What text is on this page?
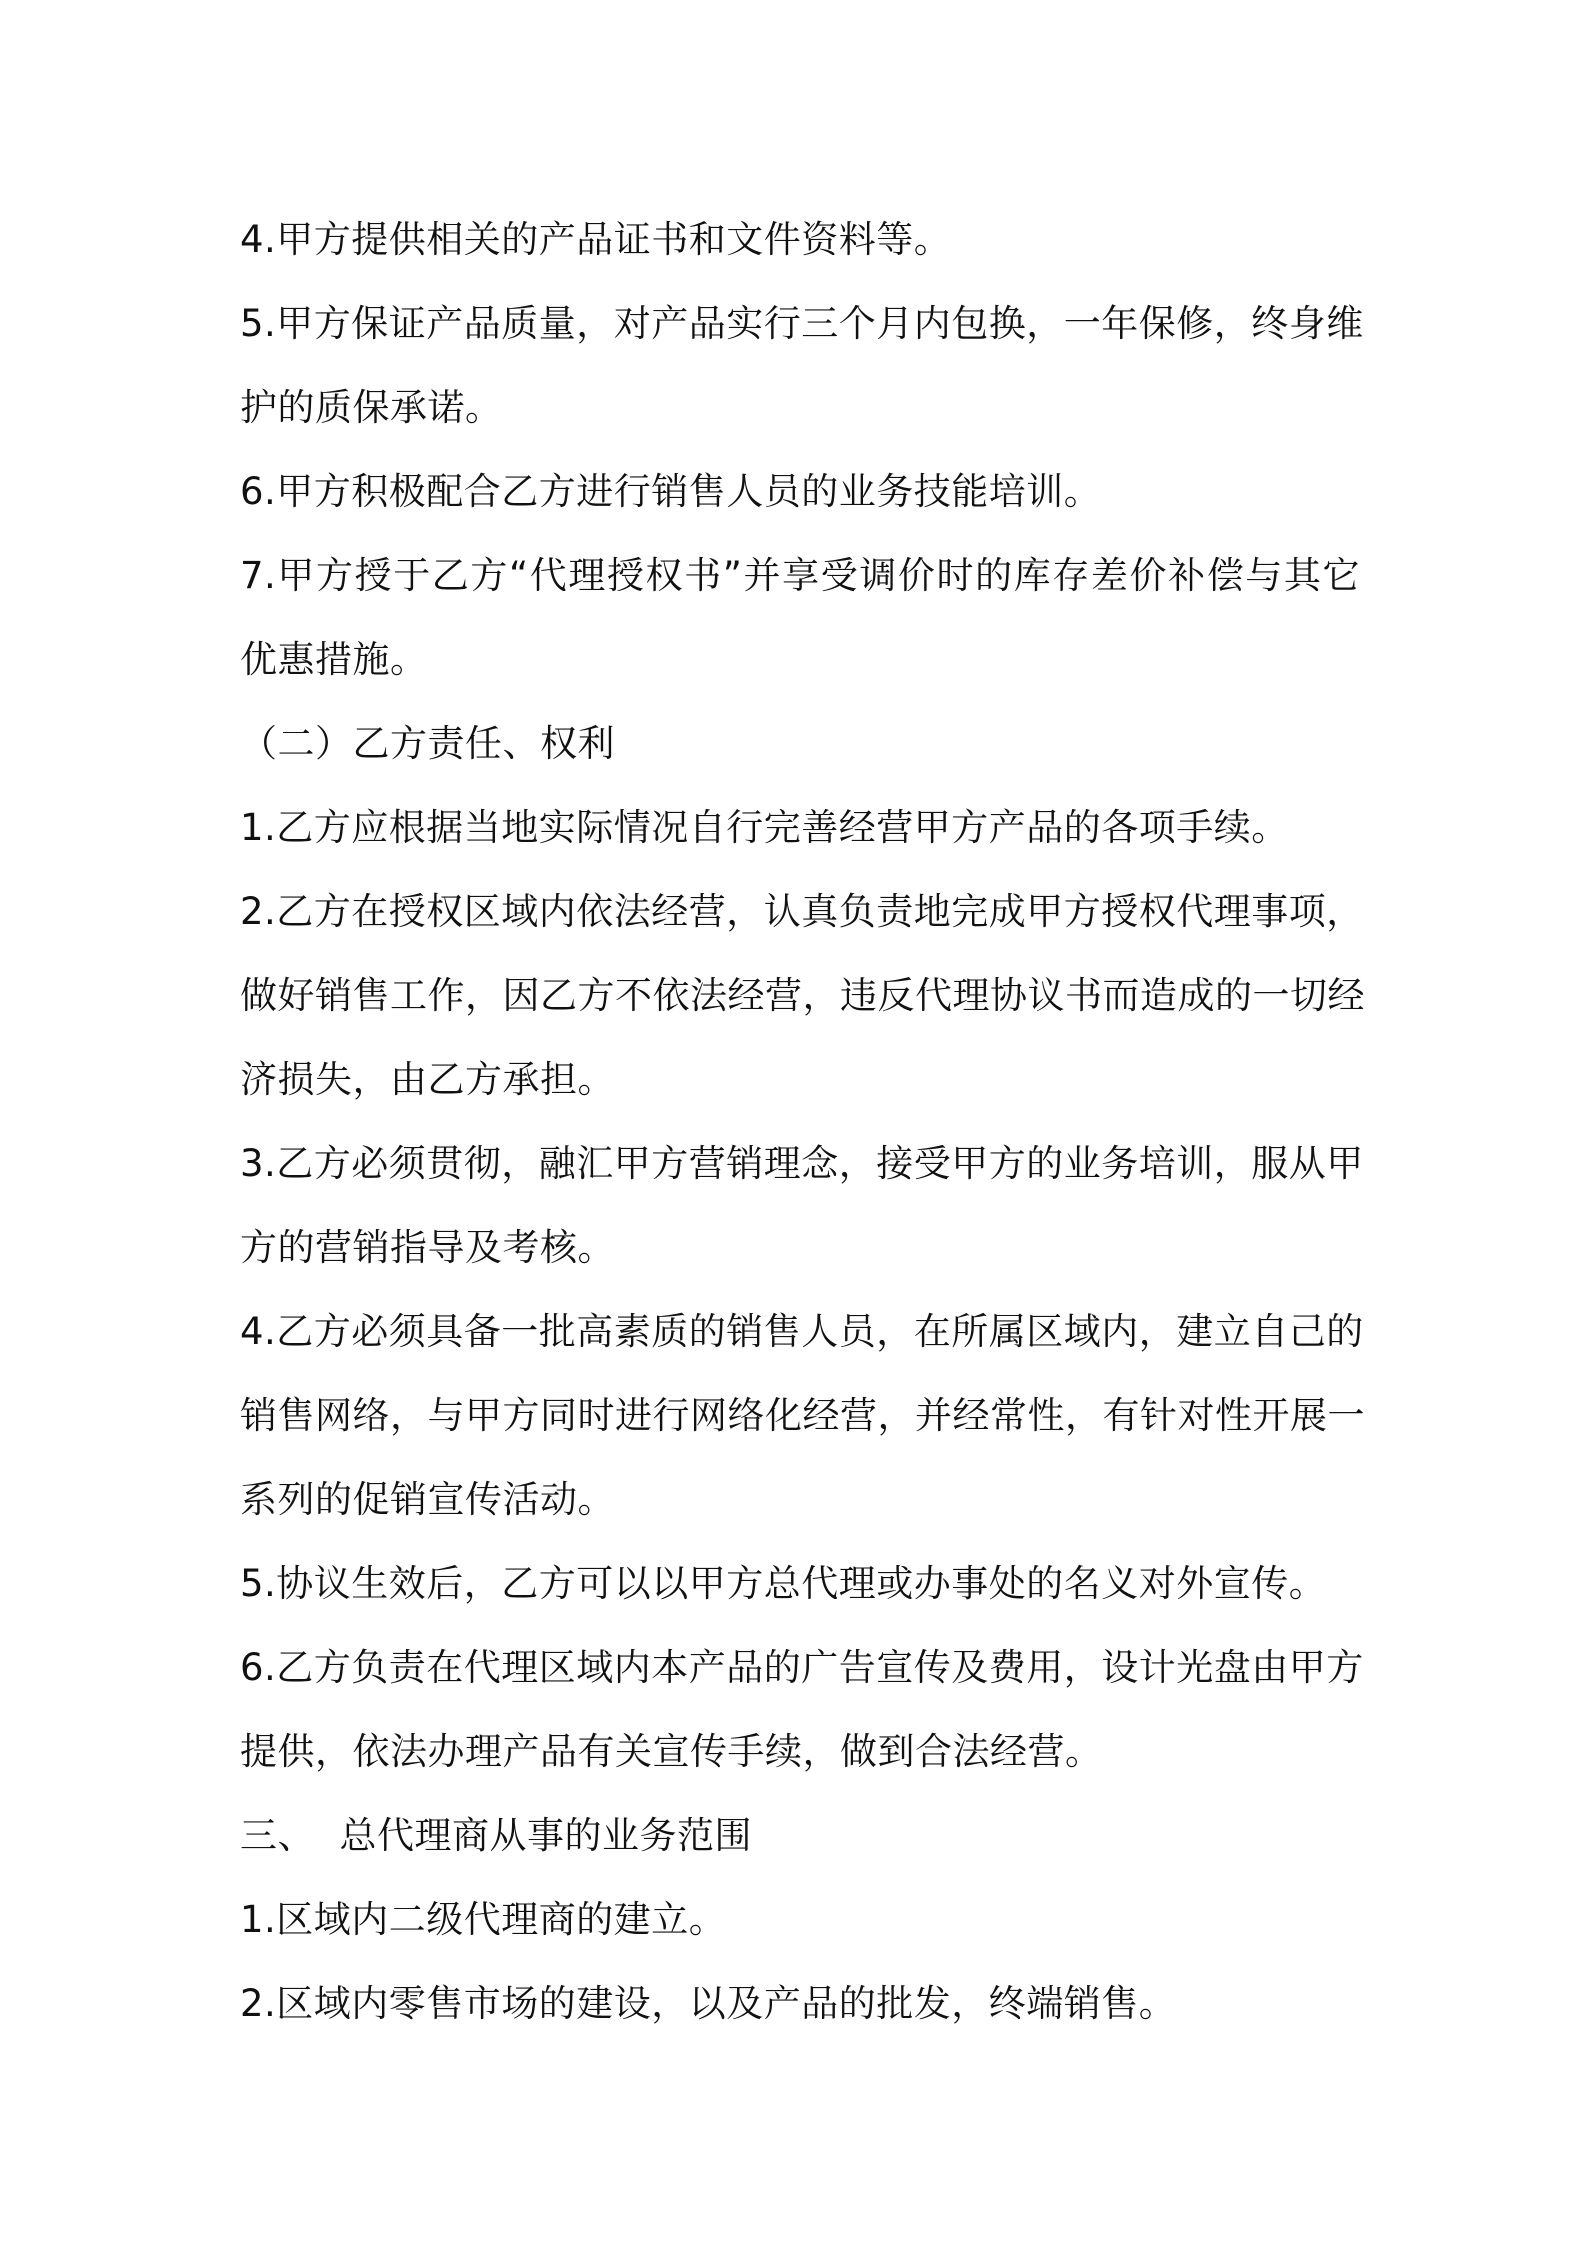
4.甲方提供相关的产品证书和文件资料等。
5.甲方保证产品质量，对产品实行三个月内包换，一年保修，终身维
护的质保承诺。
6.甲方积极配合乙方进行销售人员的业务技能培训。
7.甲方授于乙方“代理授权书”并享受调价时的库存差价补偿与其它
优惠措施。
（二）乙方责任、权利
1.乙方应根据当地实际情况自行完善经营甲方产品的各项手续。
2.乙方在授权区域内依法经营，认真负责地完成甲方授权代理事项，
做好销售工作，因乙方不依法经营，违反代理协议书而造成的一切经
济损失，由乙方承担。
3.乙方必须贯彻，融汇甲方营销理念，接受甲方的业务培训，服从甲
方的营销指导及考核。
4.乙方必须具备一批高素质的销售人员，在所属区域内，建立自己的
销售网络，与甲方同时进行网络化经营，并经常性，有针对性开展一
系列的促销宣传活动。
5.协议生效后，乙方可以以甲方总代理或办事处的名义对外宣传。
6.乙方负责在代理区域内本产品的广告宣传及费用，设计光盘由甲方
提供，依法办理产品有关宣传手续，做到合法经营。
三、  总代理商从事的业务范围
1.区域内二级代理商的建立。
2.区域内零售市场的建设，以及产品的批发，终端销售。
